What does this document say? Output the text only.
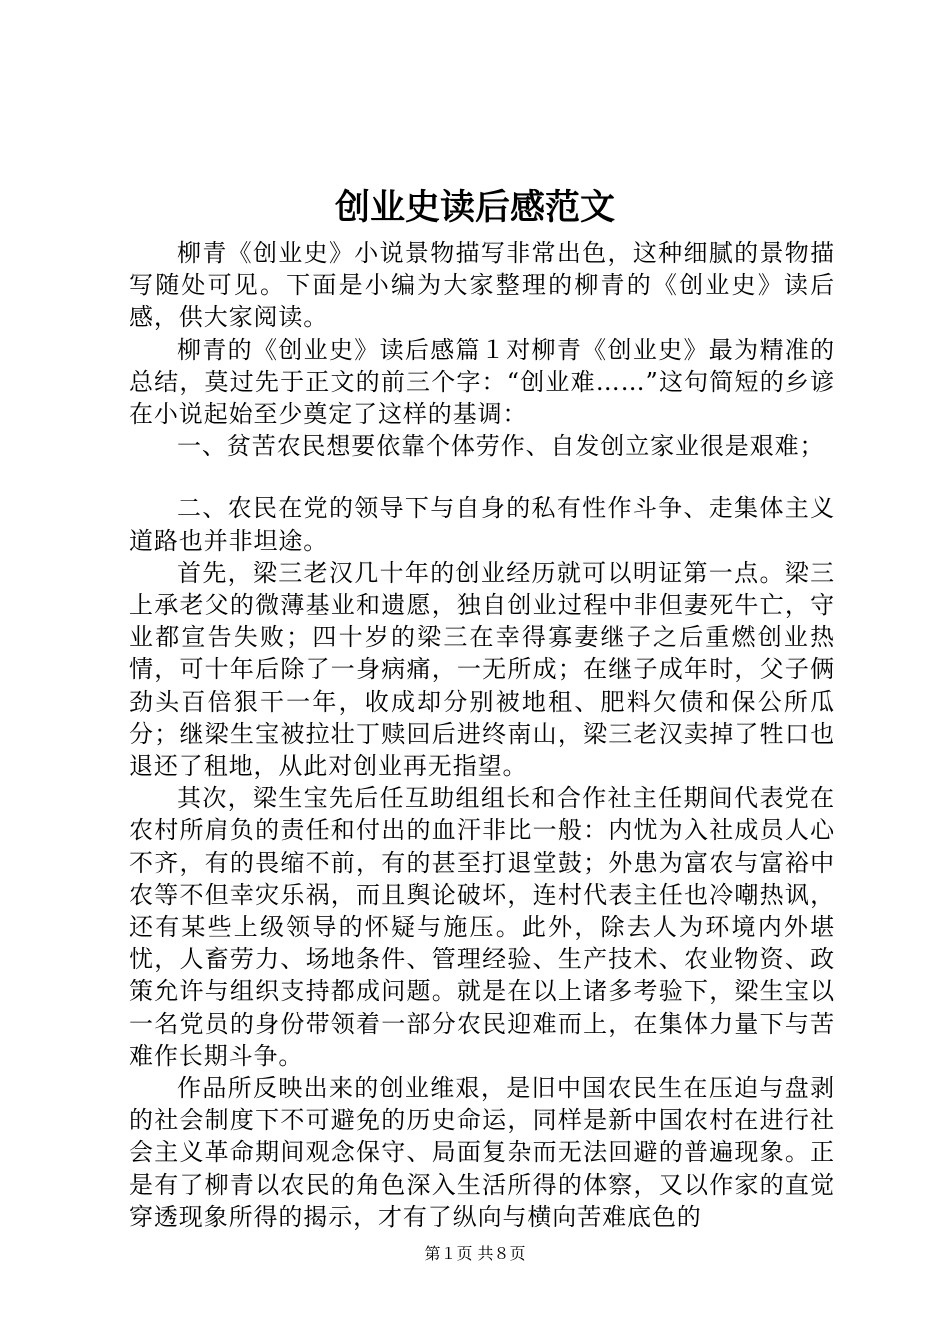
创业史读后感范文

柳青《创业史》小说景物描写非常出色，这种细腻的景物描写随处可见。下面是小编为大家整理的柳青的《创业史》读后感，供大家阅读。

柳青的《创业史》读后感篇１对柳青《创业史》最为精准的总结，莫过先于正文的前三个字：“创业难……”这句简短的乡谚在小说起始至少奠定了这样的基调：

一、贫苦农民想要依靠个体劳作、自发创立家业很是艰难；

二、农民在党的领导下与自身的私有性作斗争、走集体主义道路也并非坦途。

首先，梁三老汉几十年的创业经历就可以明证第一点。梁三上承老父的微薄基业和遗愿，独自创业过程中非但妻死牛亡，守业都宣告失败；四十岁的梁三在幸得寡妻继子之后重燃创业热情，可十年后除了一身病痛，一无所成；在继子成年时，父子俩劲头百倍狠干一年，收成却分别被地租、肥料欠债和保公所瓜分；继梁生宝被拉壮丁赎回后进终南山，梁三老汉卖掉了牲口也退还了租地，从此对创业再无指望。

其次，梁生宝先后任互助组组长和合作社主任期间代表党在农村所肩负的责任和付出的血汗非比一般：内忧为入社成员人心不齐，有的畏缩不前，有的甚至打退堂鼓；外患为富农与富裕中农等不但幸灾乐祸，而且舆论破坏，连村代表主任也冷嘲热讽，还有某些上级领导的怀疑与施压。此外，除去人为环境内外堪忧，人畜劳力、场地条件、管理经验、生产技术、农业物资、政策允许与组织支持都成问题。就是在以上诸多考验下，梁生宝以一名党员的身份带领着一部分农民迎难而上，在集体力量下与苦难作长期斗争。

作品所反映出来的创业维艰，是旧中国农民生在压迫与盘剥的社会制度下不可避免的历史命运，同样是新中国农村在进行社会主义革命期间观念保守、局面复杂而无法回避的普遍现象。正是有了柳青以农民的角色深入生活所得的体察，又以作家的直觉穿透现象所得的揭示，才有了纵向与横向苦难底色的

第１页 共８页
